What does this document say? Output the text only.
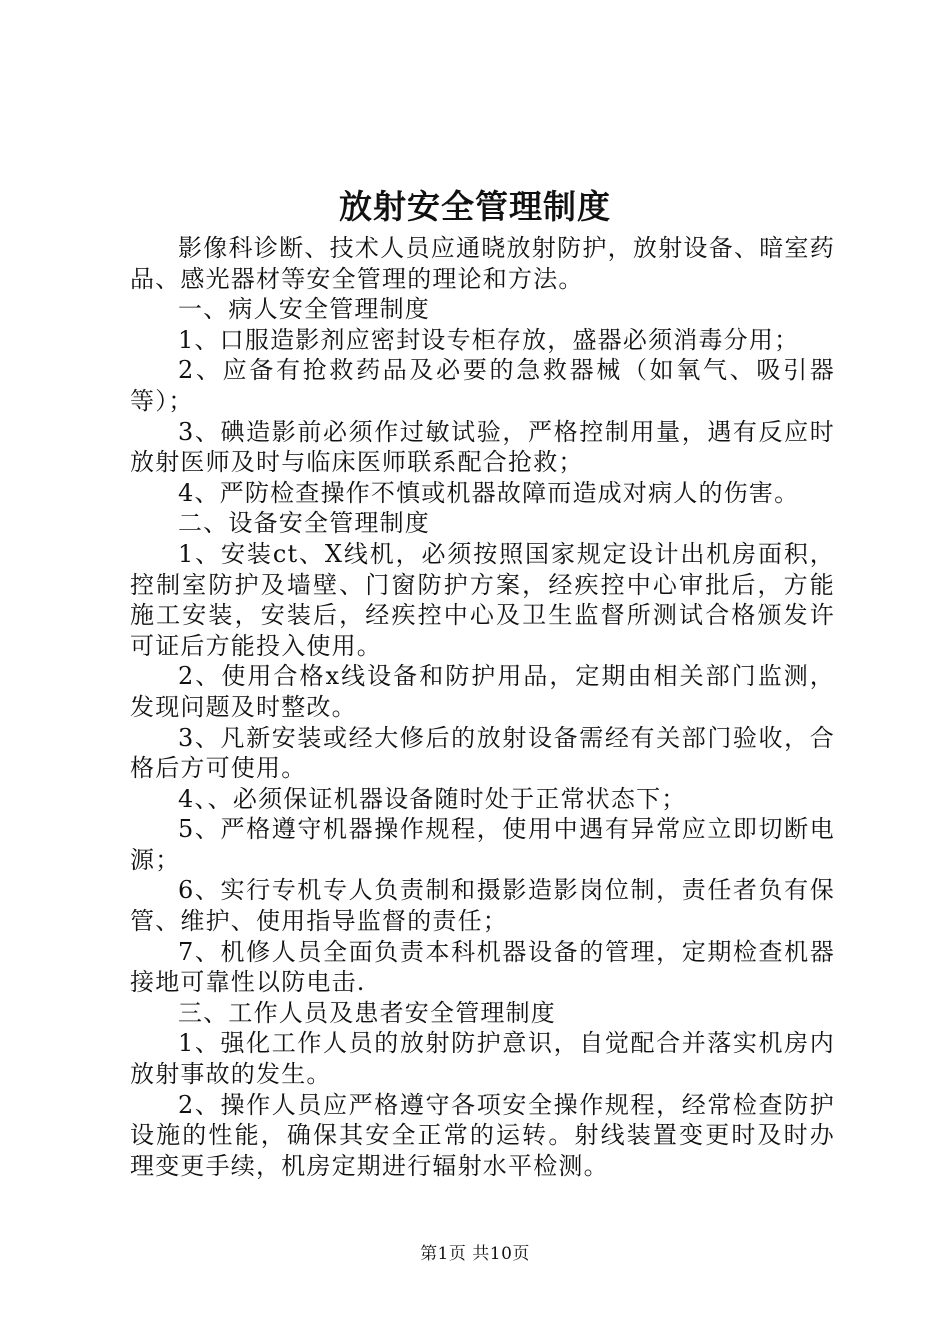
放射安全管理制度

影像科诊断、技术人员应通晓放射防护，放射设备、暗室药品、感光器材等安全管理的理论和方法。

一、病人安全管理制度

1、口服造影剂应密封设专柜存放，盛器必须消毒分用；

2、应备有抢救药品及必要的急救器械（如氧气、吸引器等）；

3、碘造影前必须作过敏试验，严格控制用量，遇有反应时放射医师及时与临床医师联系配合抢救；

4、严防检查操作不慎或机器故障而造成对病人的伤害。

二、设备安全管理制度

1、安装ct、X线机，必须按照国家规定设计出机房面积，控制室防护及墙壁、门窗防护方案，经疾控中心审批后，方能施工安装，安装后，经疾控中心及卫生监督所测试合格颁发许可证后方能投入使用。

2、使用合格x线设备和防护用品，定期由相关部门监测，发现问题及时整改。

3、凡新安装或经大修后的放射设备需经有关部门验收，合格后方可使用。

4、、必须保证机器设备随时处于正常状态下；

5、严格遵守机器操作规程，使用中遇有异常应立即切断电源；

6、实行专机专人负责制和摄影造影岗位制，责任者负有保管、维护、使用指导监督的责任；

7、机修人员全面负责本科机器设备的管理，定期检查机器接地可靠性以防电击.

三、工作人员及患者安全管理制度

1、强化工作人员的放射防护意识，自觉配合并落实机房内放射事故的发生。

2、操作人员应严格遵守各项安全操作规程，经常检查防护设施的性能，确保其安全正常的运转。射线装置变更时及时办理变更手续，机房定期进行辐射水平检测。

第1页 共10页
